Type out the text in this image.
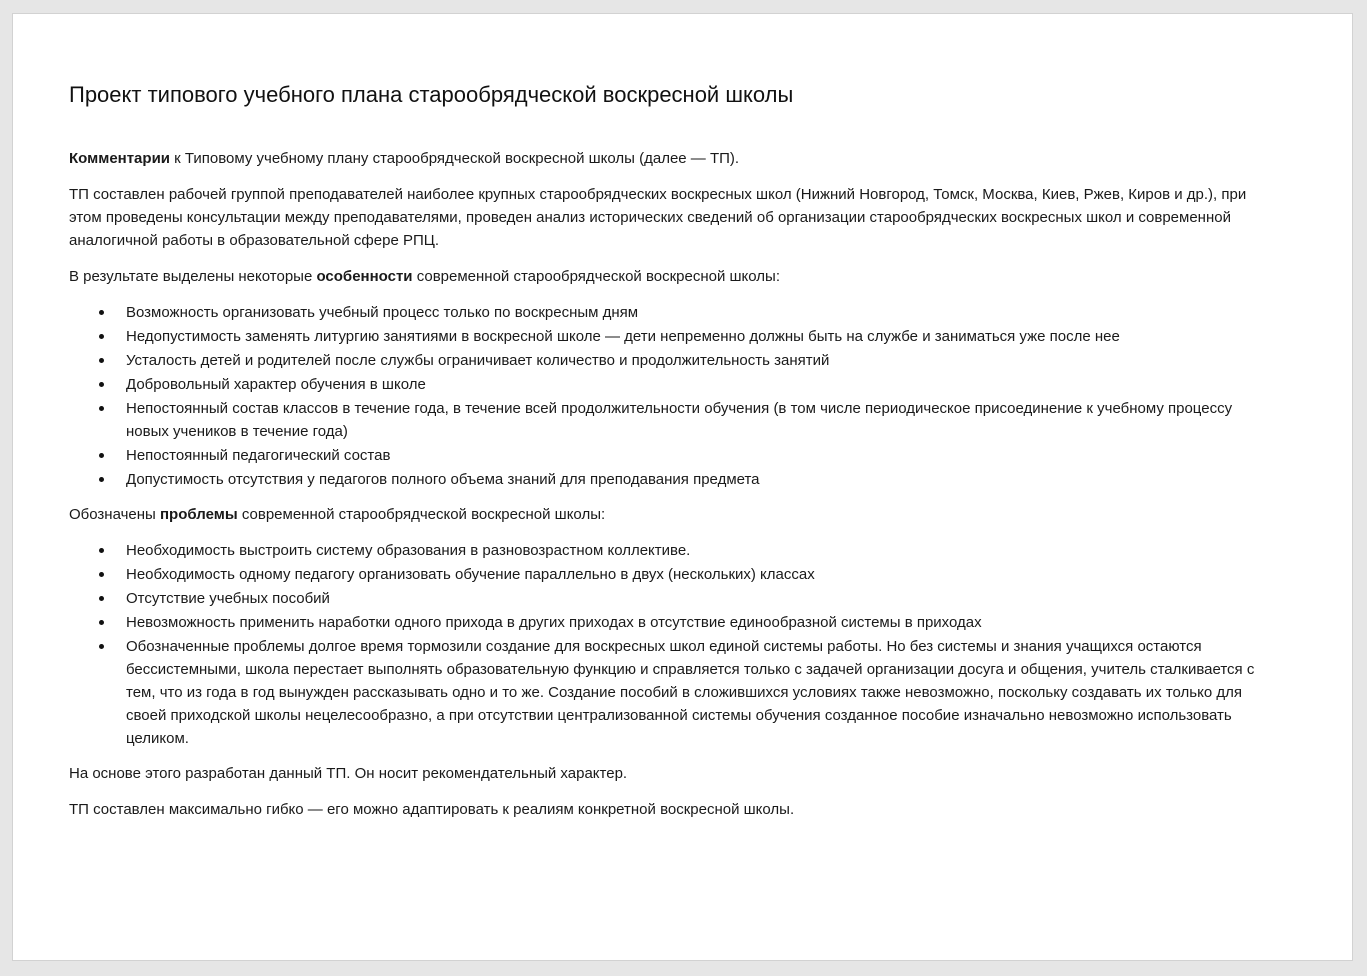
Проект типового учебного плана старообрядческой воскресной школы

Комментарии к Типовому учебному плану старообрядческой воскресной школы (далее — ТП).

ТП составлен рабочей группой преподавателей наиболее крупных старообрядческих воскресных школ (Нижний Новгород, Томск, Москва, Киев, Ржев, Киров и др.), при этом проведены консультации между преподавателями, проведен анализ исторических сведений об организации старообрядческих воскресных школ и современной аналогичной работы в образовательной сфере РПЦ.

В результате выделены некоторые особенности современной старообрядческой воскресной школы:

Возможность организовать учебный процесс только по воскресным дням
Недопустимость заменять литургию занятиями в воскресной школе — дети непременно должны быть на службе и заниматься уже после нее
Усталость детей и родителей после службы ограничивает количество и продолжительность занятий
Добровольный характер обучения в школе
Непостоянный состав классов в течение года, в течение всей продолжительности обучения (в том числе периодическое присоединение к учебному процессу новых учеников в течение года)
Непостоянный педагогический состав
Допустимость отсутствия у педагогов полного объема знаний для преподавания предмета

Обозначены проблемы современной старообрядческой воскресной школы:

Необходимость выстроить систему образования в разновозрастном коллективе.
Необходимость одному педагогу организовать обучение параллельно в двух (нескольких) классах
Отсутствие учебных пособий
Невозможность применить наработки одного прихода в других приходах в отсутствие единообразной системы в приходах
Обозначенные проблемы долгое время тормозили создание для воскресных школ единой системы работы. Но без системы и знания учащихся остаются бессистемными, школа перестает выполнять образовательную функцию и справляется только с задачей организации досуга и общения, учитель сталкивается с тем, что из года в год вынужден рассказывать одно и то же. Создание пособий в сложившихся условиях также невозможно, поскольку создавать их только для своей приходской школы нецелесообразно, а при отсутствии централизованной системы обучения созданное пособие изначально невозможно использовать целиком.

На основе этого разработан данный ТП. Он носит рекомендательный характер.

ТП составлен максимально гибко — его можно адаптировать к реалиям конкретной воскресной школы.
